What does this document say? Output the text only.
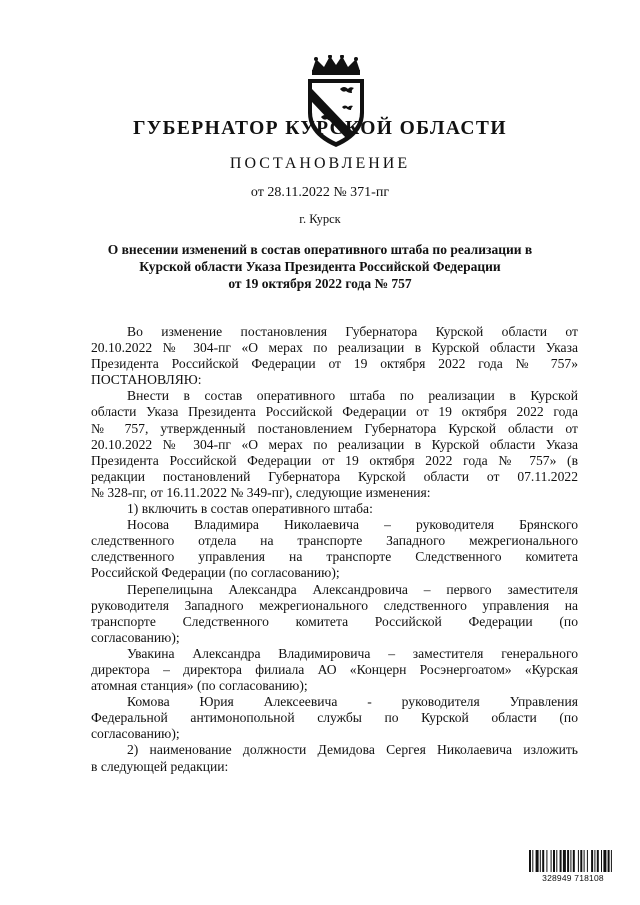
ГУБЕРНАТОР КУРСКОЙ ОБЛАСТИ
ПОСТАНОВЛЕНИЕ
от 28.11.2022 № 371-пг
г. Курск
О внесении изменений в состав оперативного штаба по реализации в
Курской области Указа Президента Российской Федерации
от 19 октября 2022 года № 757
Во изменение постановления Губернатора Курской области от
20.10.2022 № 304-пг «О мерах по реализации в Курской области Указа
Президента Российской Федерации от 19 октября 2022 года № 757»
ПОСТАНОВЛЯЮ:
Внести в состав оперативного штаба по реализации в Курской
области Указа Президента Российской Федерации от 19 октября 2022 года
№ 757, утвержденный постановлением Губернатора Курской области от
20.10.2022 № 304-пг «О мерах по реализации в Курской области Указа
Президента Российской Федерации от 19 октября 2022 года № 757» (в
редакции постановлений Губернатора Курской области от 07.11.2022
№ 328-пг, от 16.11.2022 № 349-пг), следующие изменения:
1) включить в состав оперативного штаба:
Носова Владимира Николаевича – руководителя Брянского
следственного отдела на транспорте Западного межрегионального
следственного управления на транспорте Следственного комитета
Российской Федерации (по согласованию);
Перепелицына Александра Александровича – первого заместителя
руководителя Западного межрегионального следственного управления на
транспорте Следственного комитета Российской Федерации (по
согласованию);
Увакина Александра Владимировича – заместителя генерального
директора – директора филиала АО «Концерн Росэнергоатом» «Курская
атомная станция» (по согласованию);
Комова Юрия Алексеевича - руководителя Управления
Федеральной антимонопольной службы по Курской области (по
согласованию);
2) наименование должности Демидова Сергея Николаевича изложить
в следующей редакции:
328949 718108
